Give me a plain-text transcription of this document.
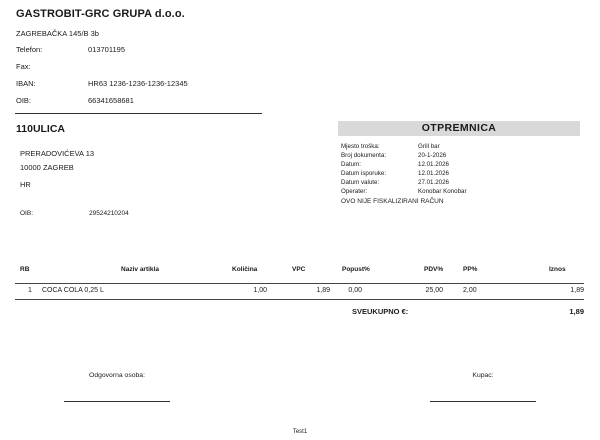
GASTROBIT-GRC GRUPA d.o.o.
ZAGREBAČKA 145/B 3b
Telefon:	013701195
Fax:
IBAN:	HR63 1236-1236-1236-12345
OIB:	66341658681
110ULICA
PRERADOVIĆEVA 13
10000 ZAGREB
HR
OIB:	29524210204
OTPREMNICA
Mjesto troška:	Grill bar
Broj dokumenta:	20-1-2026
Datum:	12.01.2026
Datum isporuke:	12.01.2026
Datum valute:	27.01.2026
Operater:	Konobar Konobar
OVO NIJE FISKALIZIRANI RAČUN
RB	Naziv artikla	Količina	VPC	Popust%	PDV%	PP%	Iznos
1 COCA COLA 0,25 L	1,00	1,89	0,00	25,00	2,00	1,89
SVEUKUPNO €:	1,89
Odgovorna osoba:	Kupac:
Test1
